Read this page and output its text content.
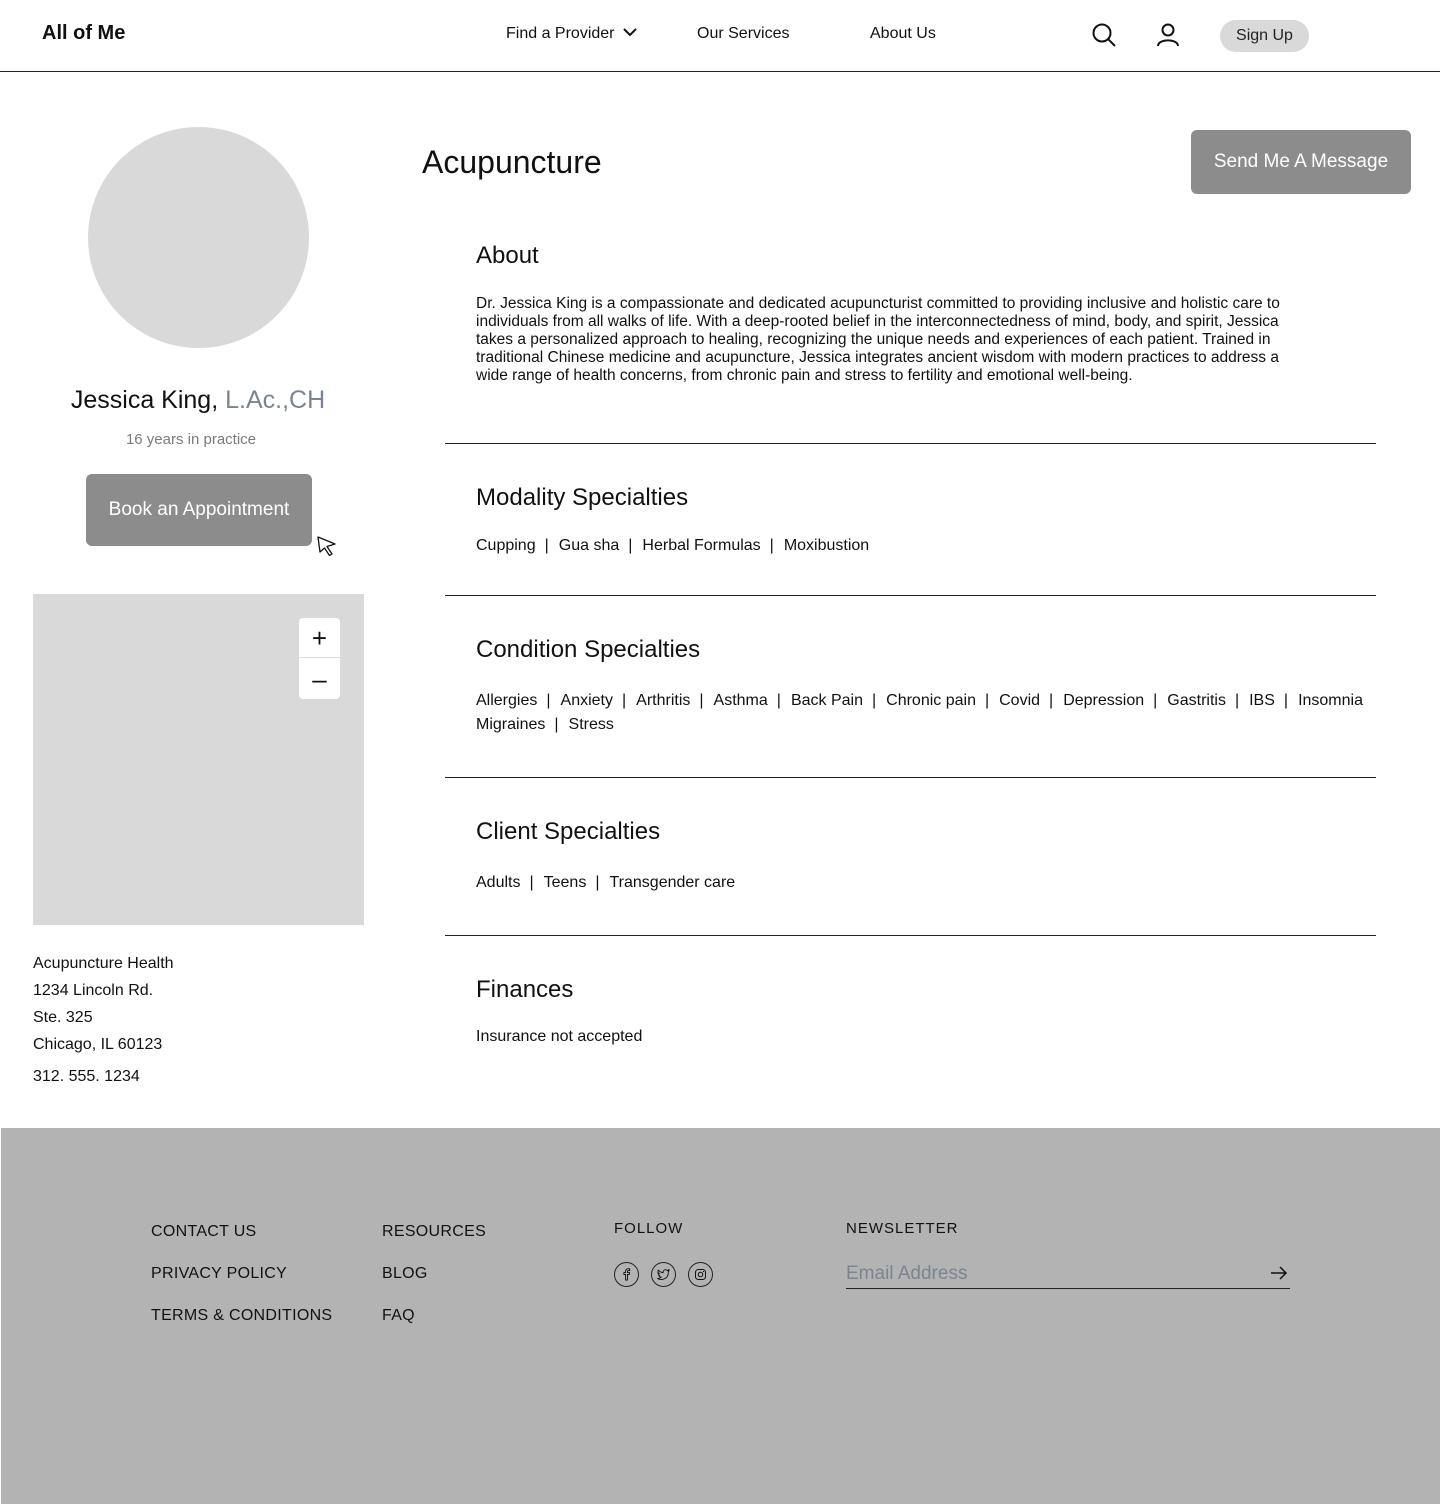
All of Me	Find a Provider	Our Services	About Us	Sign Up
Jessica King, L.Ac.,CH
16 years in practice
Book an Appointment
+
–
Acupuncture Health
1234 Lincoln Rd.
Ste. 325
Chicago, IL 60123
312. 555. 1234
Acupuncture	Send Me A Message
About
Dr. Jessica King is a compassionate and dedicated acupuncturist committed to providing inclusive and holistic care to individuals from all walks of life. With a deep-rooted belief in the interconnectedness of mind, body, and spirit, Jessica takes a personalized approach to healing, recognizing the unique needs and experiences of each patient. Trained in traditional Chinese medicine and acupuncture, Jessica integrates ancient wisdom with modern practices to address a wide range of health concerns, from chronic pain and stress to fertility and emotional well-being.
Modality Specialties
Cupping | Gua sha | Herbal Formulas | Moxibustion
Condition Specialties
Allergies | Anxiety | Arthritis | Asthma | Back Pain | Chronic pain | Covid | Depression | Gastritis | IBS | Insomnia
Migraines | Stress
Client Specialties
Adults | Teens | Transgender care
Finances
Insurance not accepted
CONTACT US
PRIVACY POLICY
TERMS & CONDITIONS
RESOURCES
BLOG
FAQ
FOLLOW	NEWSLETTER
Email Address
